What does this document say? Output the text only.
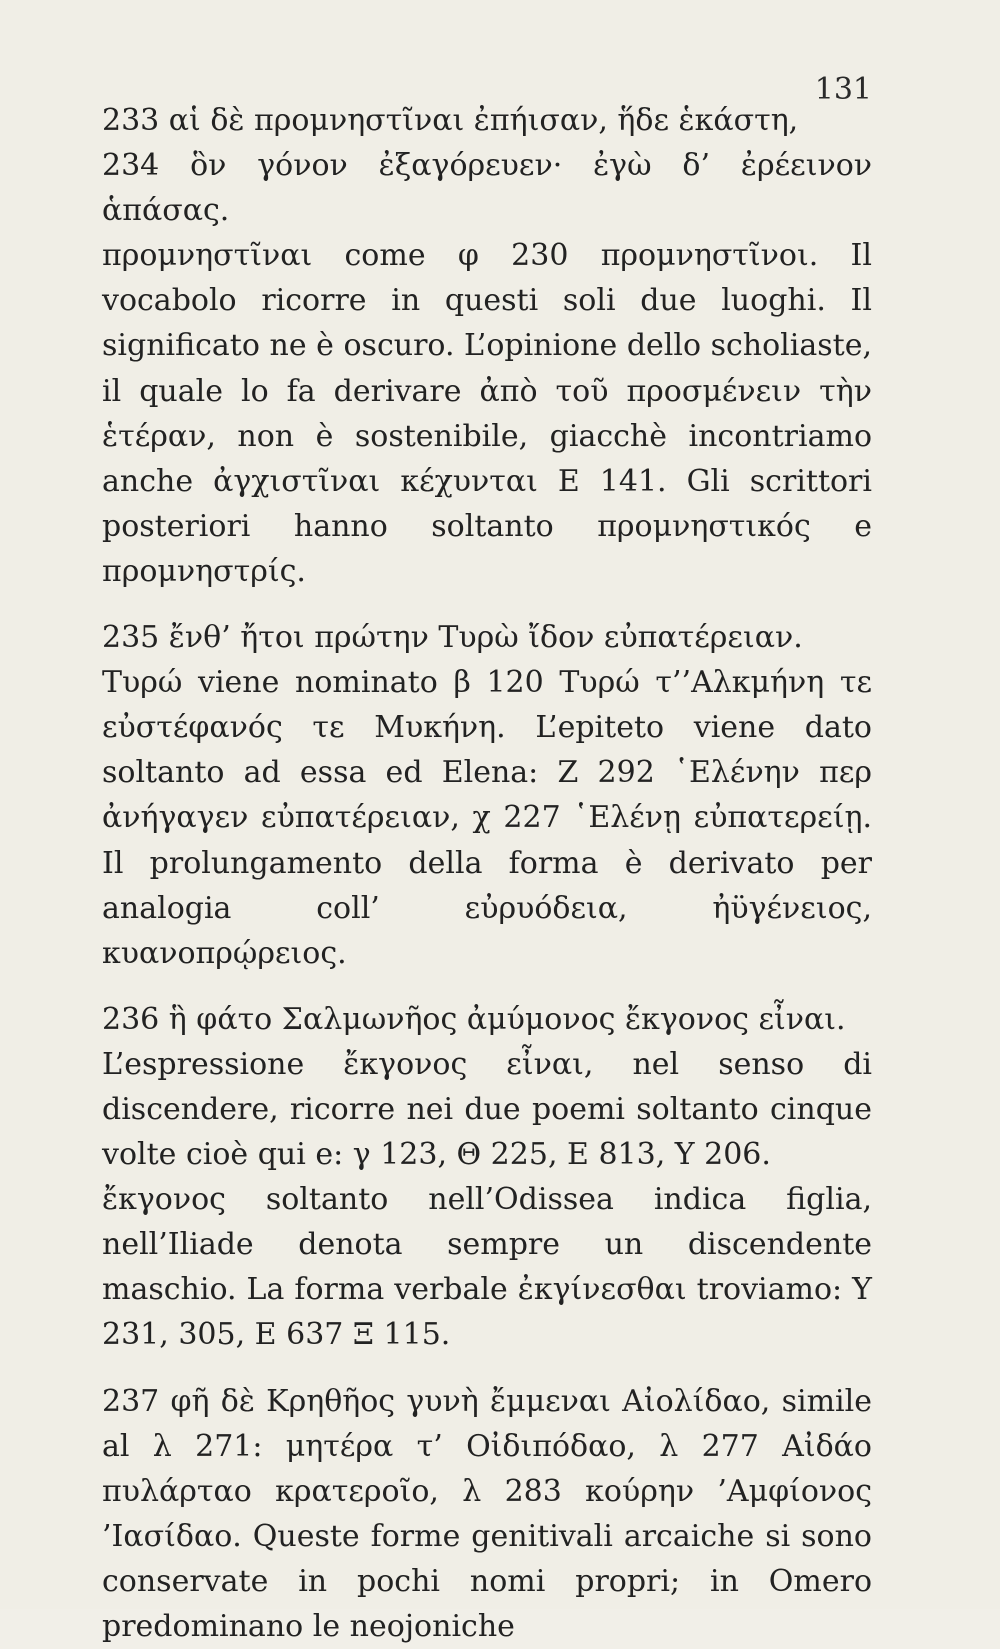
131

233 αἱ δὲ προμνηστῖναι ἐπήισαν, ἥδε ἑκάστη,
234 ὃν γόνον ἐξαγόρευεν· ἐγὼ δ’ ἐρέεινον ἁπάσας.

προμνηστῖναι come φ 230 προμνηστῖνοι. Il vocabolo ricorre in questi soli due luoghi. Il significato ne è oscuro. L’opinione dello scholiaste, il quale lo fa derivare ἀπὸ τοῦ προσμένειν τὴν ἑτέραν, non è sostenibile, giacchè incontriamo anche ἀγχιστῖναι κέχυνται Ε 141. Gli scrittori posteriori hanno soltanto προμνηστικός e προμνηστρίς.

235 ἔνθ’ ἤτοι πρώτην Τυρὼ ἴδον εὐπατέρειαν.

Τυρώ viene nominato β 120 Τυρώ τ’’Αλκμήνη τε εὐστέφανός τε Μυκήνη. L’epiteto viene dato soltanto ad essa ed Elena: Ζ 292 ῾Ελένην περ ἀνήγαγεν εὐπατέρειαν, χ 227 ῾Ελένῃ εὐπατερείῃ. Il prolungamento della forma è derivato per analogia coll’ εὐρυόδεια, ἠϋγένειος, κυανοπρῴρειος.

236 ἣ φάτο Σαλμωνῆος ἀμύμονος ἔκγονος εἶναι.

L’espressione ἔκγονος εἶναι, nel senso di discendere, ricorre nei due poemi soltanto cinque volte cioè qui e: γ 123, Θ 225, Ε 813, Υ 206.

ἔκγονος soltanto nell’Odissea indica figlia, nell’Iliade denota sempre un discendente maschio. La forma verbale ἐκγίνεσθαι troviamo: Υ 231, 305, Ε 637 Ξ 115.

237 φῆ δὲ Κρηθῆος γυνὴ ἔμμεναι Αἰολίδαο, simile al λ 271: μητέρα τ’ Οἰδιπόδαο, λ 277 Αἰδάο πυλάρταο κρατεροῖο, λ 283 κούρην ’Αμφίονος ’Ιασίδαο. Queste forme genitivali arcaiche si sono conservate in pochi nomi propri; in Omero predominano le neojoniche
